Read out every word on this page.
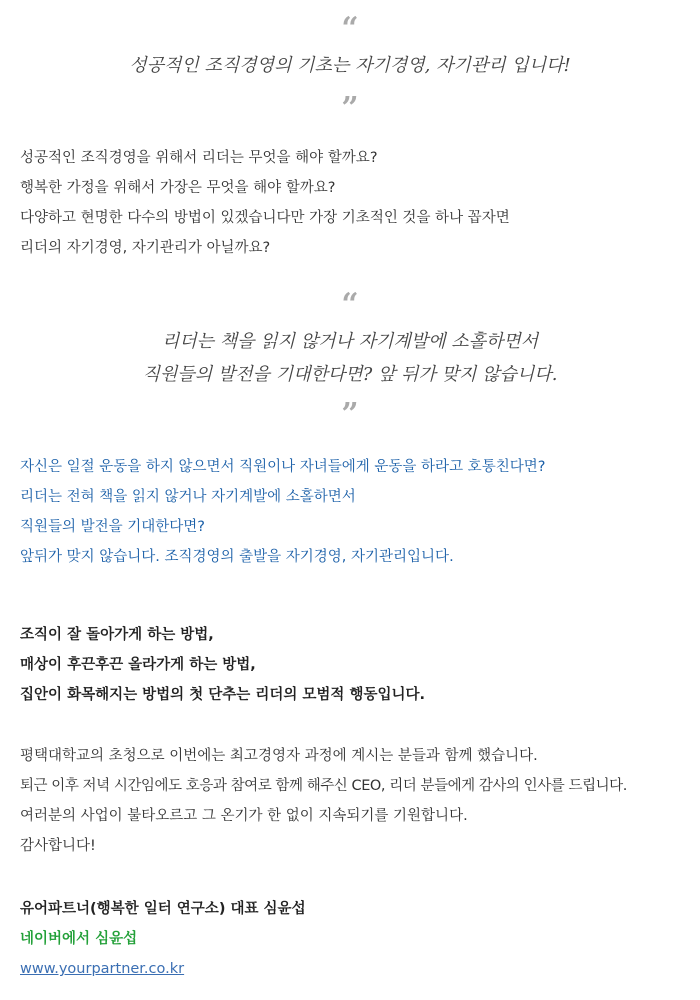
“
성공적인 조직경영의 기초는 자기경영, 자기관리 입니다!
”

성공적인 조직경영을 위해서 리더는 무엇을 해야 할까요?

행복한 가정을 위해서 가장은 무엇을 해야 할까요?

다양하고 현명한 다수의 방법이 있겠습니다만 가장 기초적인 것을 하나 꼽자면

리더의 자기경영, 자기관리가 아닐까요?

“
리더는 책을 읽지 않거나 자기계발에 소홀하면서
직원들의 발전을 기대한다면? 앞 뒤가 맞지 않습니다.
”

자신은 일절 운동을 하지 않으면서 직원이나 자녀들에게 운동을 하라고 호통친다면?

리더는 전혀 책을 읽지 않거나 자기계발에 소홀하면서

직원들의 발전을 기대한다면?

앞뒤가 맞지 않습니다. 조직경영의 출발을 자기경영, 자기관리입니다.

조직이 잘 돌아가게 하는 방법,

매상이 후끈후끈 올라가게 하는 방법,

집안이 화목해지는 방법의 첫 단추는 리더의 모범적 행동입니다.

평택대학교의 초청으로 이번에는 최고경영자 과정에 계시는 분들과 함께 했습니다.

퇴근 이후 저녁 시간임에도 호응과 참여로 함께 해주신 CEO, 리더 분들에게 감사의 인사를 드립니다.

여러분의 사업이 불타오르고 그 온기가 한 없이 지속되기를 기원합니다.

감사합니다!

유어파트너(행복한 일터 연구소) 대표 심윤섭

네이버에서 심윤섭

www.yourpartner.co.kr
